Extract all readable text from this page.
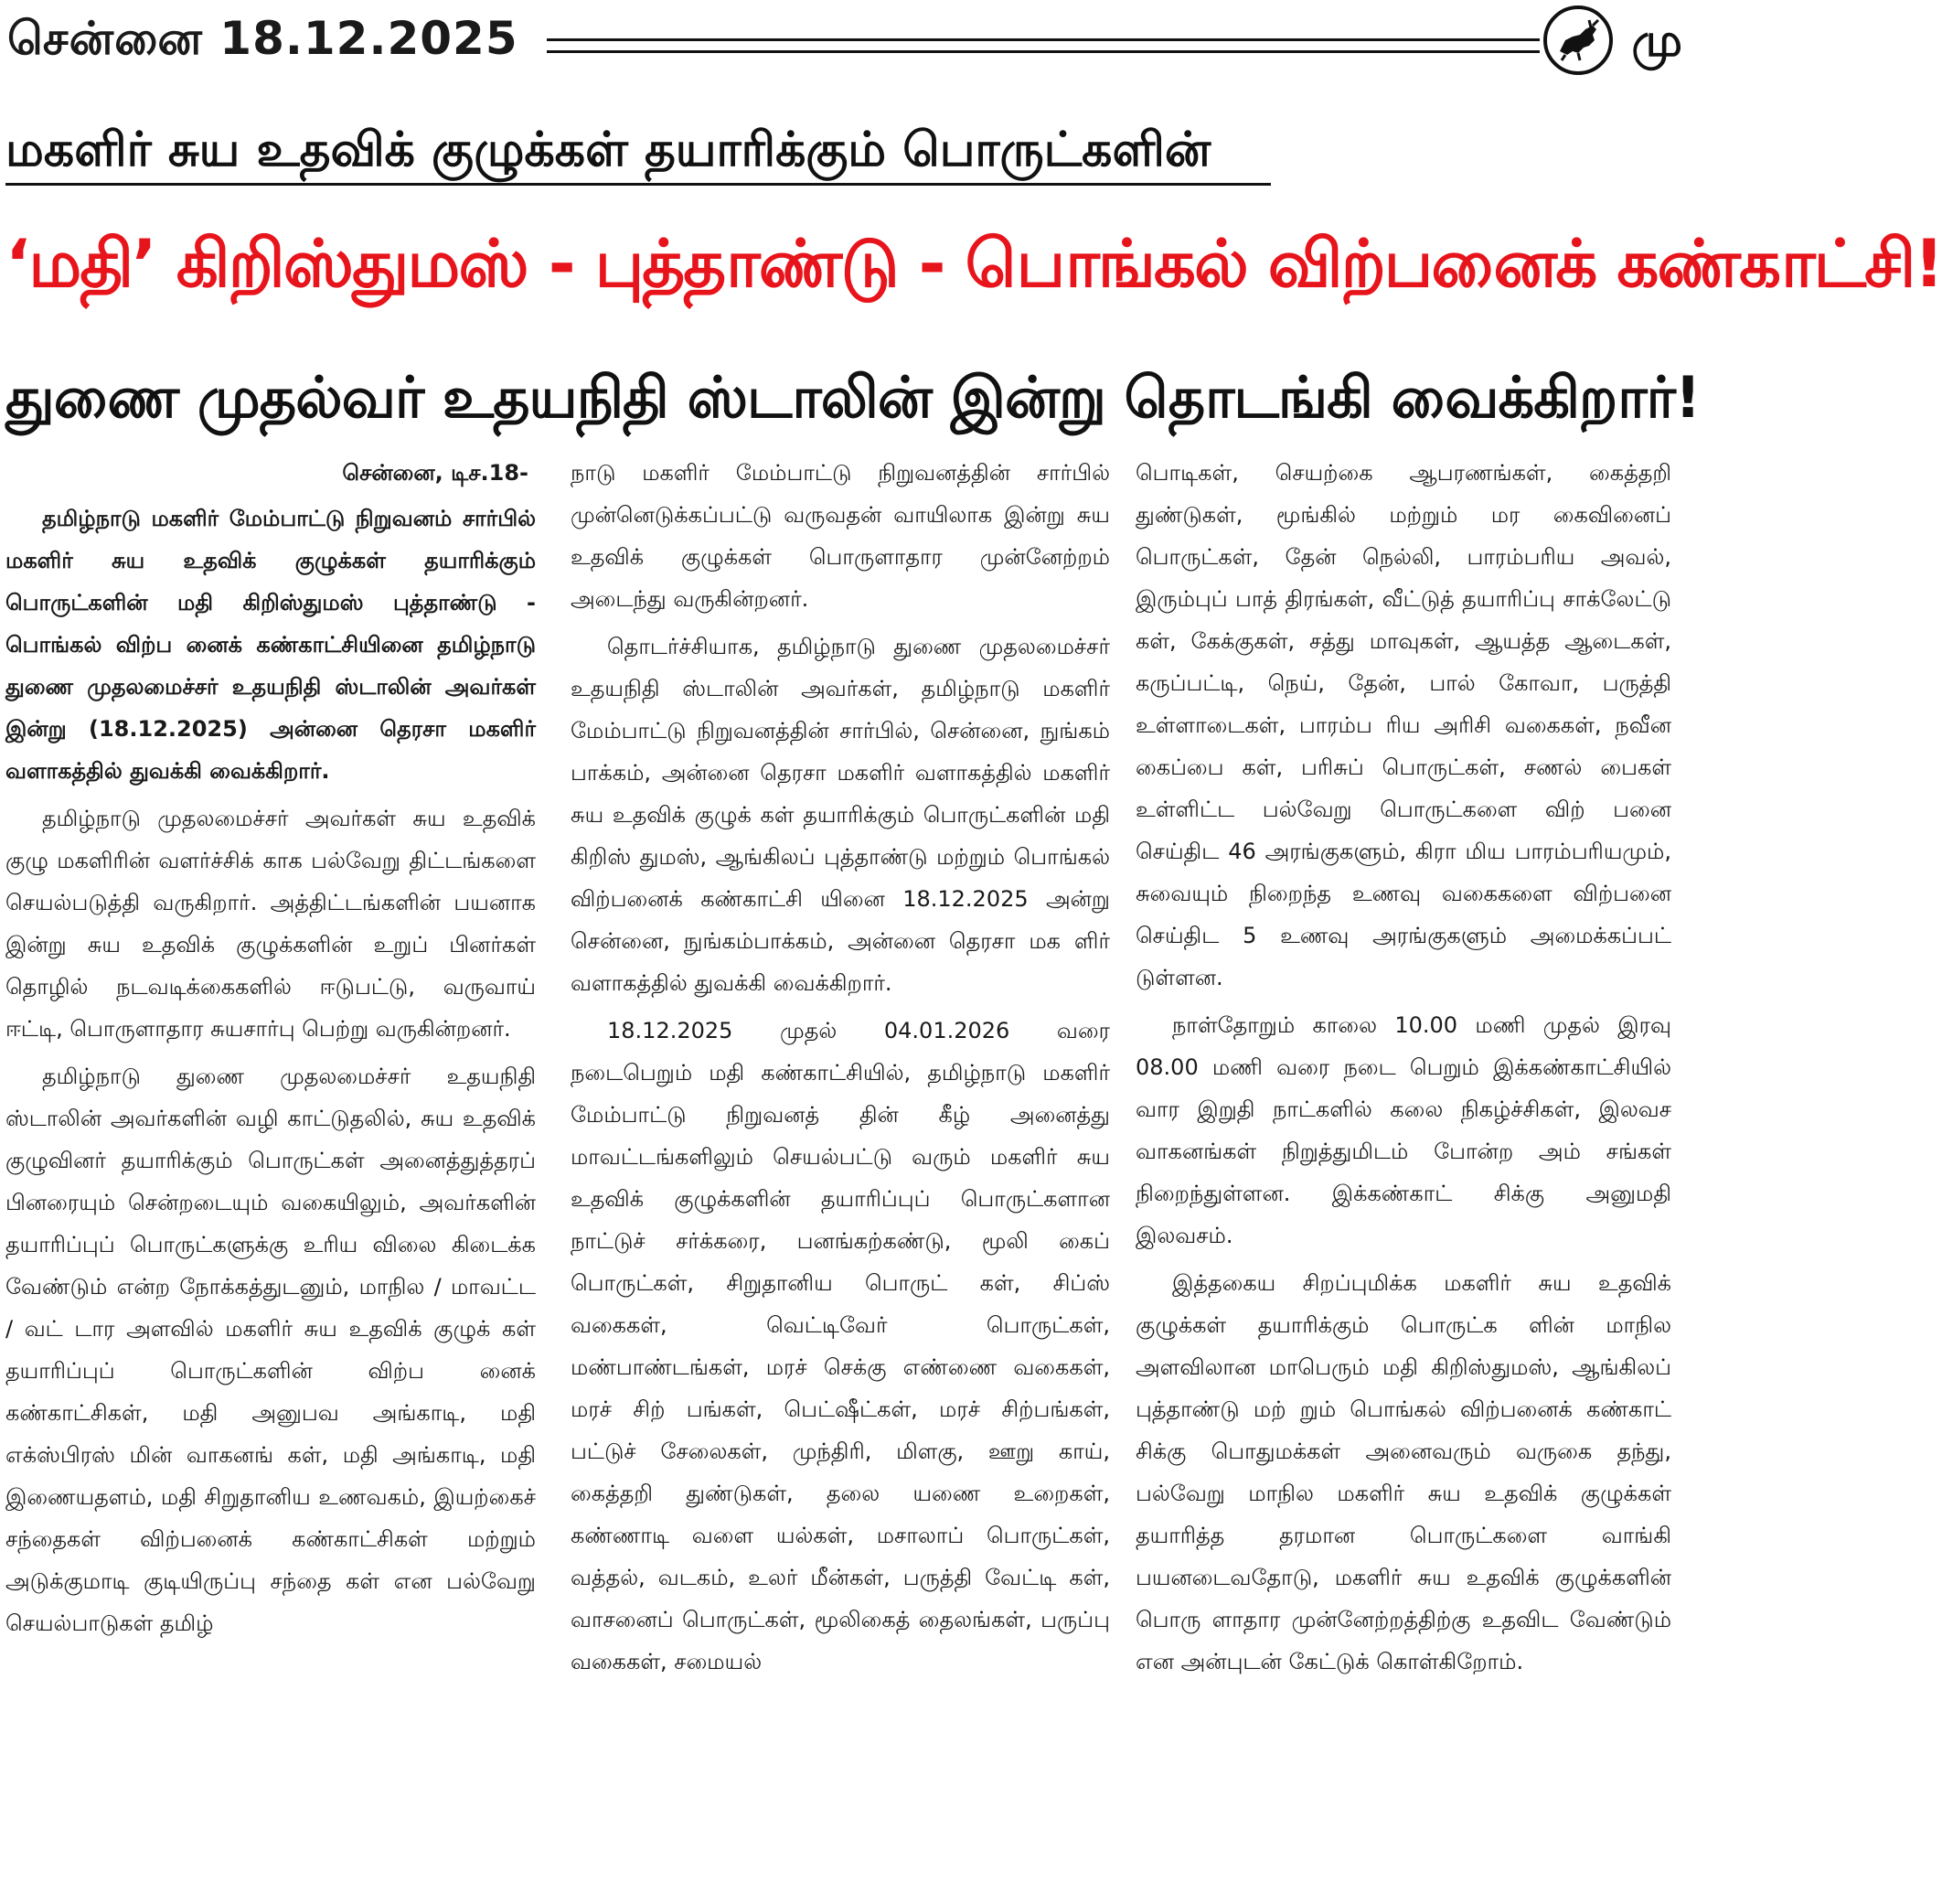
சென்னை 18.12.2025	மு
மகளிர் சுய உதவிக் குழுக்கள் தயாரிக்கும் பொருட்களின்
‘மதி’ கிறிஸ்துமஸ் - புத்தாண்டு - பொங்கல் விற்பனைக் கண்காட்சி!
துணை முதல்வர் உதயநிதி ஸ்டாலின் இன்று தொடங்கி வைக்கிறார்!
சென்னை, டிச.18-

தமிழ்நாடு மகளிர் மேம்பாட்டு நிறுவனம் சார்பில் மகளிர் சுய உதவிக் குழுக்கள் தயாரிக்கும் பொருட்களின் மதி கிறிஸ்துமஸ் புத்தாண்டு - பொங்கல் விற்ப னைக் கண்காட்சியினை தமிழ்நாடு துணை முதலமைச்சர் உதயநிதி ஸ்டாலின் அவர்கள் இன்று (18.12.2025) அன்னை தெரசா மகளிர் வளாகத்தில் துவக்கி வைக்கிறார்.

தமிழ்நாடு முதலமைச்சர் அவர்கள் சுய உதவிக் குழு மகளிரின் வளர்ச்சிக் காக பல்வேறு திட்டங்களை செயல்படுத்தி வருகிறார். அத்திட்டங்களின் பயனாக இன்று சுய உதவிக் குழுக்களின் உறுப் பினர்கள் தொழில் நடவடிக்கைகளில் ஈடுபட்டு, வருவாய் ஈட்டி, பொருளாதார சுயசார்பு பெற்று வருகின்றனர்.

தமிழ்நாடு துணை முதலமைச்சர் உதயநிதி ஸ்டாலின் அவர்களின் வழி காட்டுதலில், சுய உதவிக் குழுவினர் தயாரிக்கும் பொருட்கள் அனைத்துத்தரப் பினரையும் சென்றடையும் வகையிலும், அவர்களின் தயாரிப்புப் பொருட்களுக்கு உரிய விலை கிடைக்க வேண்டும் என்ற நோக்கத்துடனும், மாநில / மாவட்ட / வட் டார அளவில் மகளிர் சுய உதவிக் குழுக் கள் தயாரிப்புப் பொருட்களின் விற்ப னைக் கண்காட்சிகள், மதி அனுபவ அங்காடி, மதி எக்ஸ்பிரஸ் மின் வாகனங் கள், மதி அங்காடி, மதி இணையதளம், மதி சிறுதானிய உணவகம், இயற்கைச் சந்தைகள் விற்பனைக் கண்காட்சிகள் மற்றும் அடுக்குமாடி குடியிருப்பு சந்தை கள் என பல்வேறு செயல்பாடுகள் தமிழ்

நாடு மகளிர் மேம்பாட்டு நிறுவனத்தின் சார்பில் முன்னெடுக்கப்பட்டு வருவதன் வாயிலாக இன்று சுய உதவிக் குழுக்கள் பொருளாதார முன்னேற்றம் அடைந்து வருகின்றனர்.

தொடர்ச்சியாக, தமிழ்நாடு துணை முதலமைச்சர் உதயநிதி ஸ்டாலின் அவர்கள், தமிழ்நாடு மகளிர் மேம்பாட்டு நிறுவனத்தின் சார்பில், சென்னை, நுங்கம் பாக்கம், அன்னை தெரசா மகளிர் வளாகத்தில் மகளிர் சுய உதவிக் குழுக் கள் தயாரிக்கும் பொருட்களின் மதி கிறிஸ் துமஸ், ஆங்கிலப் புத்தாண்டு மற்றும் பொங்கல் விற்பனைக் கண்காட்சி யினை 18.12.2025 அன்று சென்னை, நுங்கம்பாக்கம், அன்னை தெரசா மக ளிர் வளாகத்தில் துவக்கி வைக்கிறார்.

18.12.2025 முதல் 04.01.2026 வரை நடைபெறும் மதி கண்காட்சியில், தமிழ்நாடு மகளிர் மேம்பாட்டு நிறுவனத் தின் கீழ் அனைத்து மாவட்டங்களிலும் செயல்பட்டு வரும் மகளிர் சுய உதவிக் குழுக்களின் தயாரிப்புப் பொருட்களான நாட்டுச் சர்க்கரை, பனங்கற்கண்டு, மூலி கைப் பொருட்கள், சிறுதானிய பொருட் கள், சிப்ஸ் வகைகள், வெட்டிவேர் பொருட்கள், மண்பாண்டங்கள், மரச் செக்கு எண்ணை வகைகள், மரச் சிற் பங்கள், பெட்ஷீட்கள், மரச் சிற்பங்கள், பட்டுச் சேலைகள், முந்திரி, மிளகு, ஊறு காய், கைத்தறி துண்டுகள், தலை யணை உறைகள், கண்ணாடி வளை யல்கள், மசாலாப் பொருட்கள், வத்தல், வடகம், உலர் மீன்கள், பருத்தி வேட்டி கள், வாசனைப் பொருட்கள், மூலிகைத் தைலங்கள், பருப்பு வகைகள், சமையல்

பொடிகள், செயற்கை ஆபரணங்கள், கைத்தறி துண்டுகள், மூங்கில் மற்றும் மர கைவினைப் பொருட்கள், தேன் நெல்லி, பாரம்பரிய அவல், இரும்புப் பாத் திரங்கள், வீட்டுத் தயாரிப்பு சாக்லேட்டு கள், கேக்குகள், சத்து மாவுகள், ஆயத்த ஆடைகள், கருப்பட்டி, நெய், தேன், பால் கோவா, பருத்தி உள்ளாடைகள், பாரம்ப ரிய அரிசி வகைகள், நவீன கைப்பை கள், பரிசுப் பொருட்கள், சணல் பைகள் உள்ளிட்ட பல்வேறு பொருட்களை விற் பனை செய்திட 46 அரங்குகளும், கிரா மிய பாரம்பரியமும், சுவையும் நிறைந்த உணவு வகைகளை விற்பனை செய்திட 5 உணவு அரங்குகளும் அமைக்கப்பட் டுள்ளன.

நாள்தோறும் காலை 10.00 மணி முதல் இரவு 08.00 மணி வரை நடை பெறும் இக்கண்காட்சியில் வார இறுதி நாட்களில் கலை நிகழ்ச்சிகள், இலவச வாகனங்கள் நிறுத்துமிடம் போன்ற அம் சங்கள் நிறைந்துள்ளன. இக்கண்காட் சிக்கு அனுமதி இலவசம்.

இத்தகைய சிறப்புமிக்க மகளிர் சுய உதவிக் குழுக்கள் தயாரிக்கும் பொருட்க ளின் மாநில அளவிலான மாபெரும் மதி கிறிஸ்துமஸ், ஆங்கிலப் புத்தாண்டு மற் றும் பொங்கல் விற்பனைக் கண்காட் சிக்கு பொதுமக்கள் அனைவரும் வருகை தந்து, பல்வேறு மாநில மகளிர் சுய உதவிக் குழுக்கள் தயாரித்த தரமான பொருட்களை வாங்கி பயனடைவதோடு, மகளிர் சுய உதவிக் குழுக்களின் பொரு ளாதார முன்னேற்றத்திற்கு உதவிட வேண்டும் என அன்புடன் கேட்டுக் கொள்கிறோம்.
